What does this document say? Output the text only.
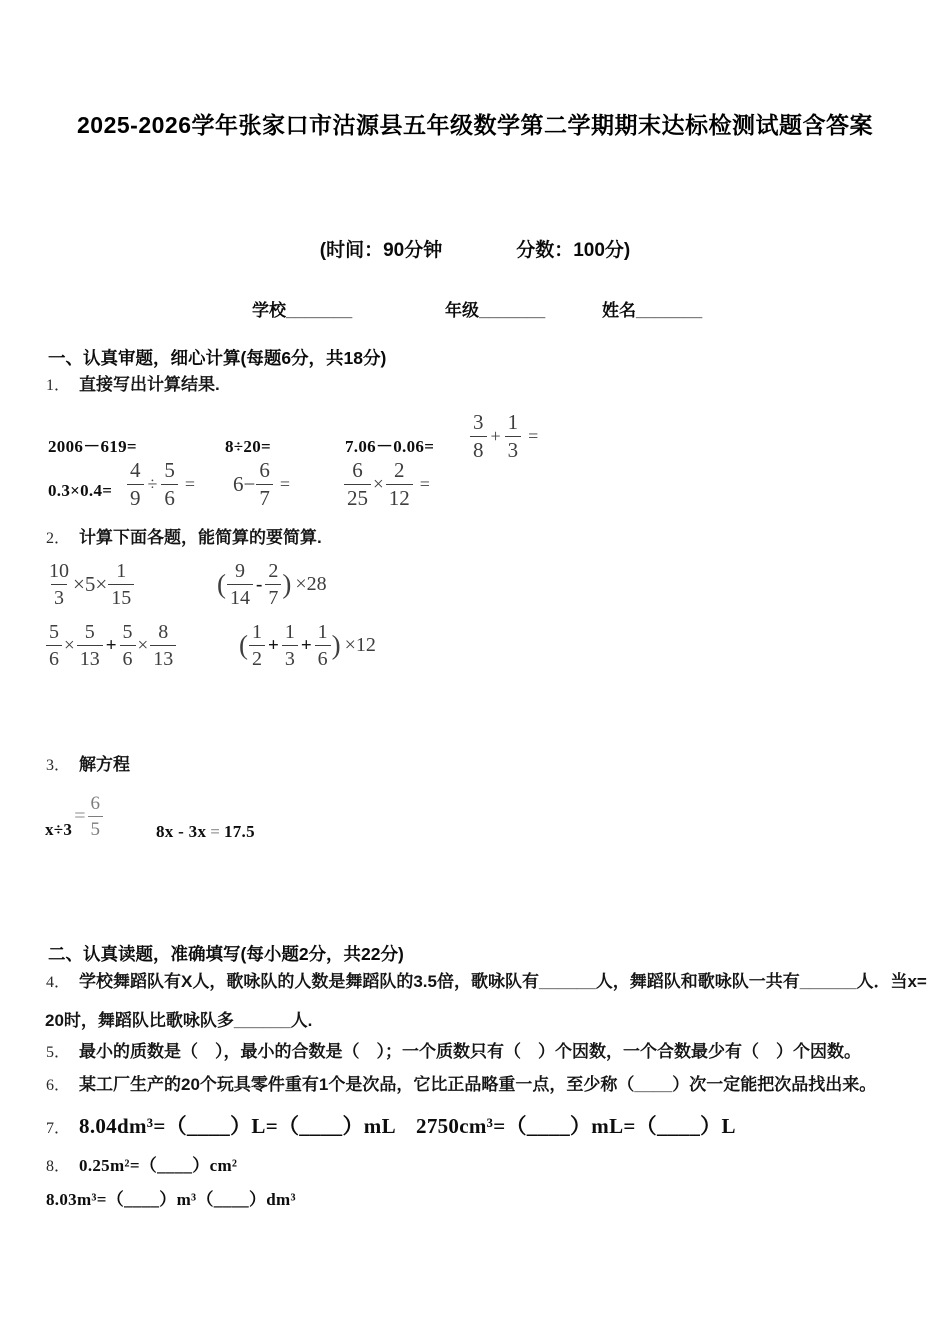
2025-2026学年张家口市沽源县五年级数学第二学期期末达标检测试题含答案
(时间：90分钟	分数：100分)
学校_______	年级_______	姓名_______
一、认真审题，细心计算(每题6分，共18分)
1． 直接写出计算结果.
2006－619=	8÷20=	$7.06-0.06= \frac{3}{8} + \frac{1}{3}$ =
$0.3\times 0.4= \frac{4}{9} \div \frac{5}{6} = 6- \frac{6}{7}$ =	$\frac{6}{25} \times \frac{2}{12}$ =
2． 计算下面各题，能简算的要简算.
$\frac{10}{3} \times 5\times \frac{1}{15}$	( $\frac{9}{14} - \frac{2}{7}$ ) ×28
$\frac{5}{6} \times \frac{5}{13} + \frac{5}{6} \times \frac{8}{13}$ ( $\frac{1}{2} + \frac{1}{3} + \frac{1}{6}$ ) ×12
3． 解方程
x÷3
= $\frac{6}{5}$	8x - 3x = 17.5
二、认真读题，准确填写(每小题2分，共22分)
4． 学校舞蹈队有X人，歌咏队的人数是舞蹈队的3.5倍，歌咏队有______人，舞蹈队和歌咏队一共有______人．当x=
20时，舞蹈队比歌咏队多______人.
5． 最小的质数是（　），最小的合数是（　）；一个质数只有（　）个因数，一个合数最少有（　）个因数。
6． 某工厂生产的20个玩具零件重有1个是次品，它比正品略重一点，至少称（____）次一定能把次品找出来。
7． 8.04dm³=（____）L=（____）mL　2750cm³=（____）mL=（____）L
8． 0.25m²=（____）cm²
8.03m³=（____）m³（____）dm³
